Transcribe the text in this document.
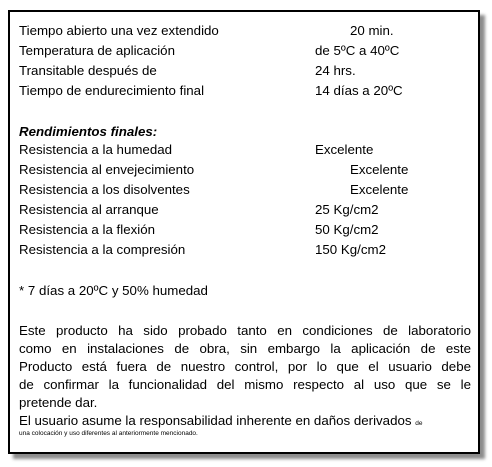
Tiempo abierto una vez extendido	20 min.
Temperatura de aplicación	de 5ºC a 40ºC
Transitable después de	24 hrs.
Tiempo de endurecimiento final	14 días a 20ºC
Rendimientos finales:
Resistencia a la humedad	Excelente
Resistencia al envejecimiento	Excelente
Resistencia a los disolventes	Excelente
Resistencia al arranque	25 Kg/cm2
Resistencia a la flexión	50 Kg/cm2
Resistencia a la compresión	150 Kg/cm2
* 7 días a 20ºC y 50% humedad
Este producto ha sido probado tanto en condiciones de laboratorio
como en instalaciones de obra, sin embargo la aplicación de este
Producto está fuera de nuestro control, por lo que el usuario debe
de confirmar la funcionalidad del mismo respecto al uso que se le
pretende dar.
El usuario asume la responsabilidad inherente en daños derivados de
una colocación y uso diferentes al anteriormente mencionado.
